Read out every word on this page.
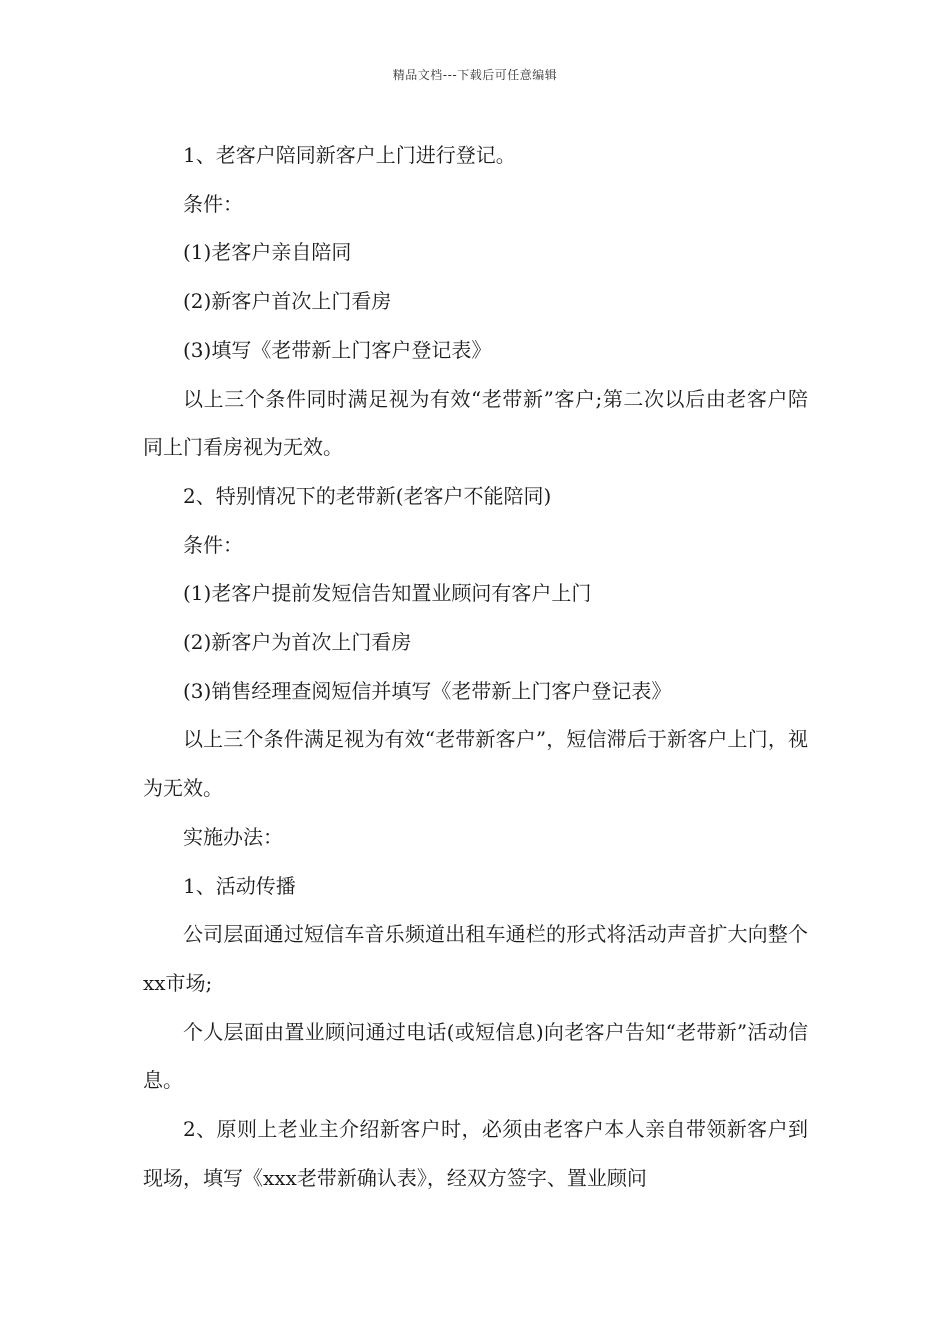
精品文档---下载后可任意编辑

1、老客户陪同新客户上门进行登记。

条件：

(1)老客户亲自陪同

(2)新客户首次上门看房

(3)填写《老带新上门客户登记表》

以上三个条件同时满足视为有效“老带新”客户;第二次以后由老客户陪同上门看房视为无效。

2、特别情况下的老带新(老客户不能陪同)

条件：

(1)老客户提前发短信告知置业顾问有客户上门

(2)新客户为首次上门看房

(3)销售经理查阅短信并填写《老带新上门客户登记表》

以上三个条件满足视为有效“老带新客户”，短信滞后于新客户上门，视为无效。

实施办法：

1、活动传播

公司层面通过短信车音乐频道出租车通栏的形式将活动声音扩大向整个xx市场;

个人层面由置业顾问通过电话(或短信息)向老客户告知“老带新”活动信息。

2、原则上老业主介绍新客户时，必须由老客户本人亲自带领新客户到现场，填写《xxx老带新确认表》，经双方签字、置业顾问
